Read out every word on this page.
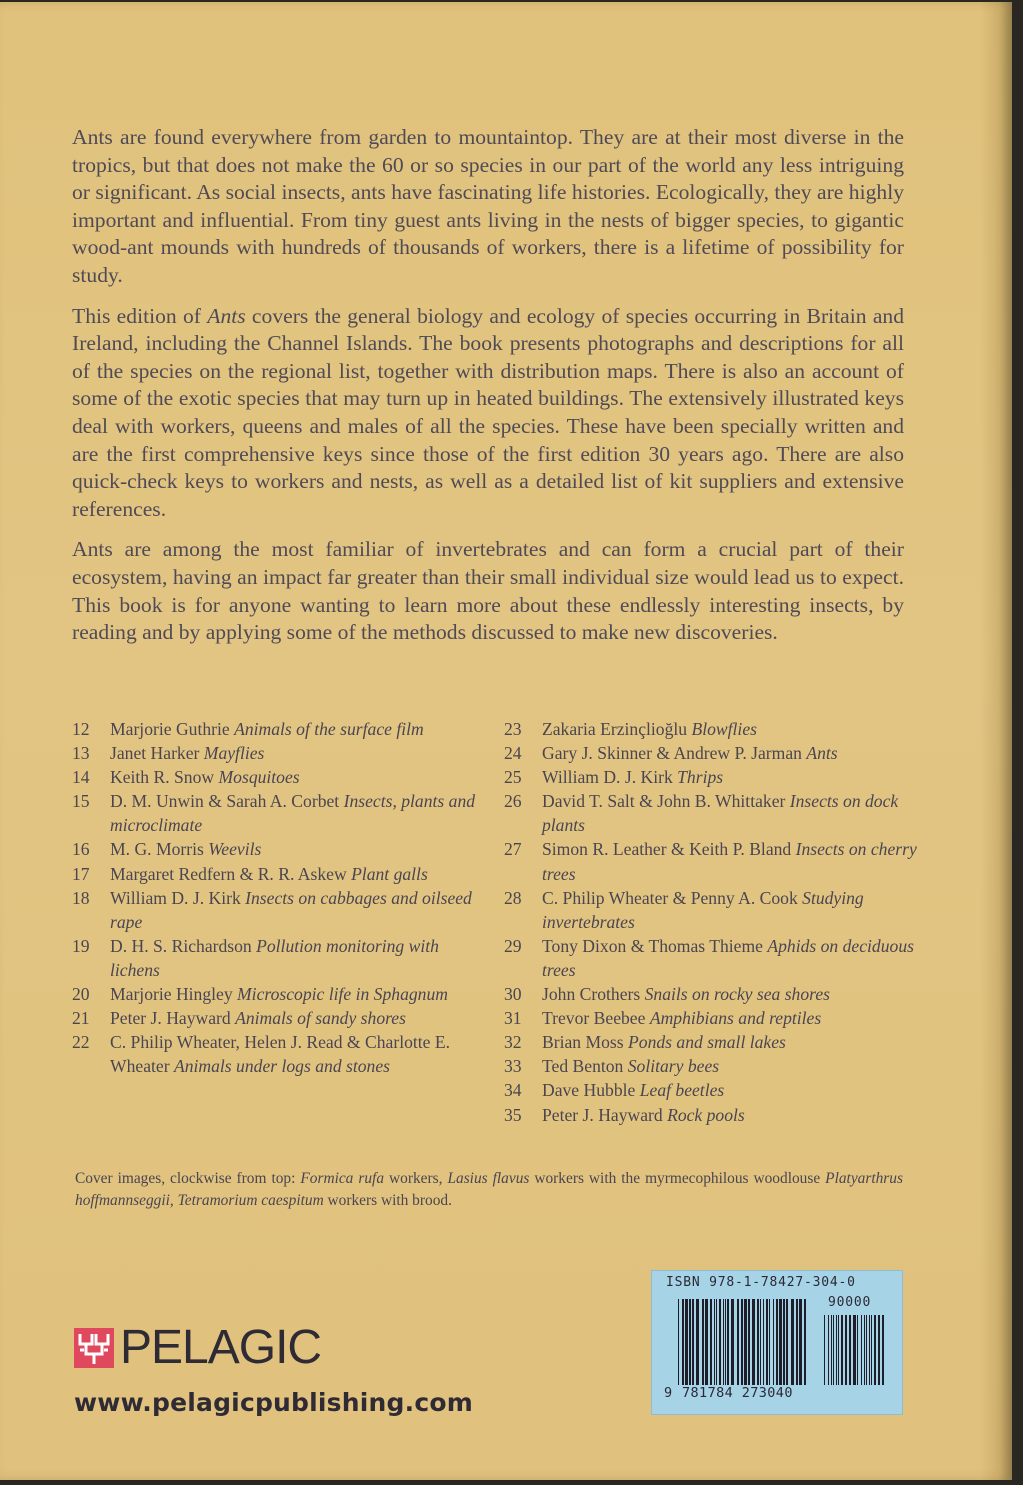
Ants are found everywhere from garden to mountaintop. They are at their most diverse in the tropics, but that does not make the 60 or so species in our part of the world any less intriguing or significant. As social insects, ants have fascinating life histories. Ecologically, they are highly important and influential. From tiny guest ants living in the nests of bigger species, to gigantic wood-ant mounds with hundreds of thousands of workers, there is a lifetime of possibility for study.

This edition of Ants covers the general biology and ecology of species occurring in Britain and Ireland, including the Channel Islands. The book presents photographs and descriptions for all of the species on the regional list, together with distribution maps. There is also an account of some of the exotic species that may turn up in heated buildings. The extensively illustrated keys deal with workers, queens and males of all the species. These have been specially written and are the first comprehensive keys since those of the first edition 30 years ago. There are also quick-check keys to workers and nests, as well as a detailed list of kit suppliers and extensive references.

Ants are among the most familiar of invertebrates and can form a crucial part of their ecosystem, having an impact far greater than their small individual size would lead us to expect. This book is for anyone wanting to learn more about these endlessly interesting insects, by reading and by applying some of the methods discussed to make new discoveries.

12	Marjorie Guthrie Animals of the surface film
13	Janet Harker Mayflies
14	Keith R. Snow Mosquitoes
15	D. M. Unwin & Sarah A. Corbet Insects, plants and microclimate
16	M. G. Morris Weevils
17	Margaret Redfern & R. R. Askew Plant galls
18	William D. J. Kirk Insects on cabbages and oilseed rape
19	D. H. S. Richardson Pollution monitoring with lichens
20	Marjorie Hingley Microscopic life in Sphagnum
21	Peter J. Hayward Animals of sandy shores
22	C. Philip Wheater, Helen J. Read & Charlotte E. Wheater Animals under logs and stones
23	Zakaria Erzinçlioğlu Blowflies
24	Gary J. Skinner & Andrew P. Jarman Ants
25	William D. J. Kirk Thrips
26	David T. Salt & John B. Whittaker Insects on dock plants
27	Simon R. Leather & Keith P. Bland Insects on cherry trees
28	C. Philip Wheater & Penny A. Cook Studying invertebrates
29	Tony Dixon & Thomas Thieme Aphids on deciduous trees
30	John Crothers Snails on rocky sea shores
31	Trevor Beebee Amphibians and reptiles
32	Brian Moss Ponds and small lakes
33	Ted Benton Solitary bees
34	Dave Hubble Leaf beetles
35	Peter J. Hayward Rock pools
Cover images, clockwise from top: Formica rufa workers, Lasius flavus workers with the myrmecophilous woodlouse Platyarthrus hoffmannseggii, Tetramorium caespitum workers with brood.
PELAGIC
www.pelagicpublishing.com
ISBN 978-1-78427-304-0
90000
9 781784 273040
